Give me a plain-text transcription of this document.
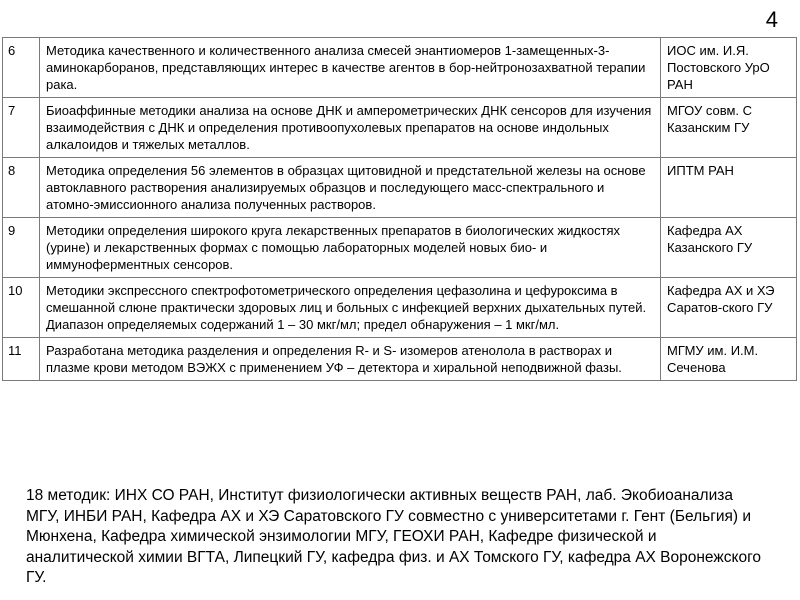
4
6	Методика качественного и количественного анализа смесей энантиомеров 1-замещенных-3-аминокарборанов, представляющих интерес в качестве агентов в бор-нейтронозахватной терапии рака.	ИОС им. И.Я. Постовского УрО РАН
7	Биоаффинные методики анализа на основе ДНК и амперометрических ДНК сенсоров для изучения взаимодействия с ДНК и определения противоопухолевых препаратов на основе индольных алкалоидов и тяжелых металлов.	МГОУ совм. С Казанским ГУ
8	Методика определения 56 элементов в образцах щитовидной и предстательной железы на основе автоклавного растворения анализируемых образцов и последующего масс-спектрального и атомно-эмиссионного анализа полученных растворов.	ИПТМ РАН
9	Методики определения широкого круга лекарственных препаратов в биологических жидкостях (урине) и лекарственных формах с помощью лабораторных моделей новых био- и иммуноферментных сенсоров.	Кафедра АХ Казанского ГУ
10	Методики экспрессного спектрофотометрического определения цефазолина и цефуроксима в смешанной слюне практически здоровых лиц и больных с инфекцией верхних дыхательных путей. Диапазон определяемых содержаний 1 – 30 мкг/мл; предел обнаружения – 1 мкг/мл.	Кафедра АХ и ХЭ Саратов-ского ГУ
11	Разработана методика разделения и определения R- и S- изомеров атенолола в растворах и плазме крови методом ВЭЖХ с применением УФ – детектора и хиральной неподвижной фазы.	МГМУ им. И.М. Сеченова

18 методик: ИНХ СО РАН, Институт физиологически активных веществ РАН, лаб. Экобиоанализа МГУ, ИНБИ РАН, Кафедра АХ и ХЭ Саратовского ГУ совместно с университетами г. Гент (Бельгия) и Мюнхена, Кафедра химической энзимологии МГУ, ГЕОХИ РАН, Кафедре физической и аналитической химии ВГТА, Липецкий ГУ, кафедра физ. и АХ Томского ГУ, кафедра АХ Воронежского ГУ.
